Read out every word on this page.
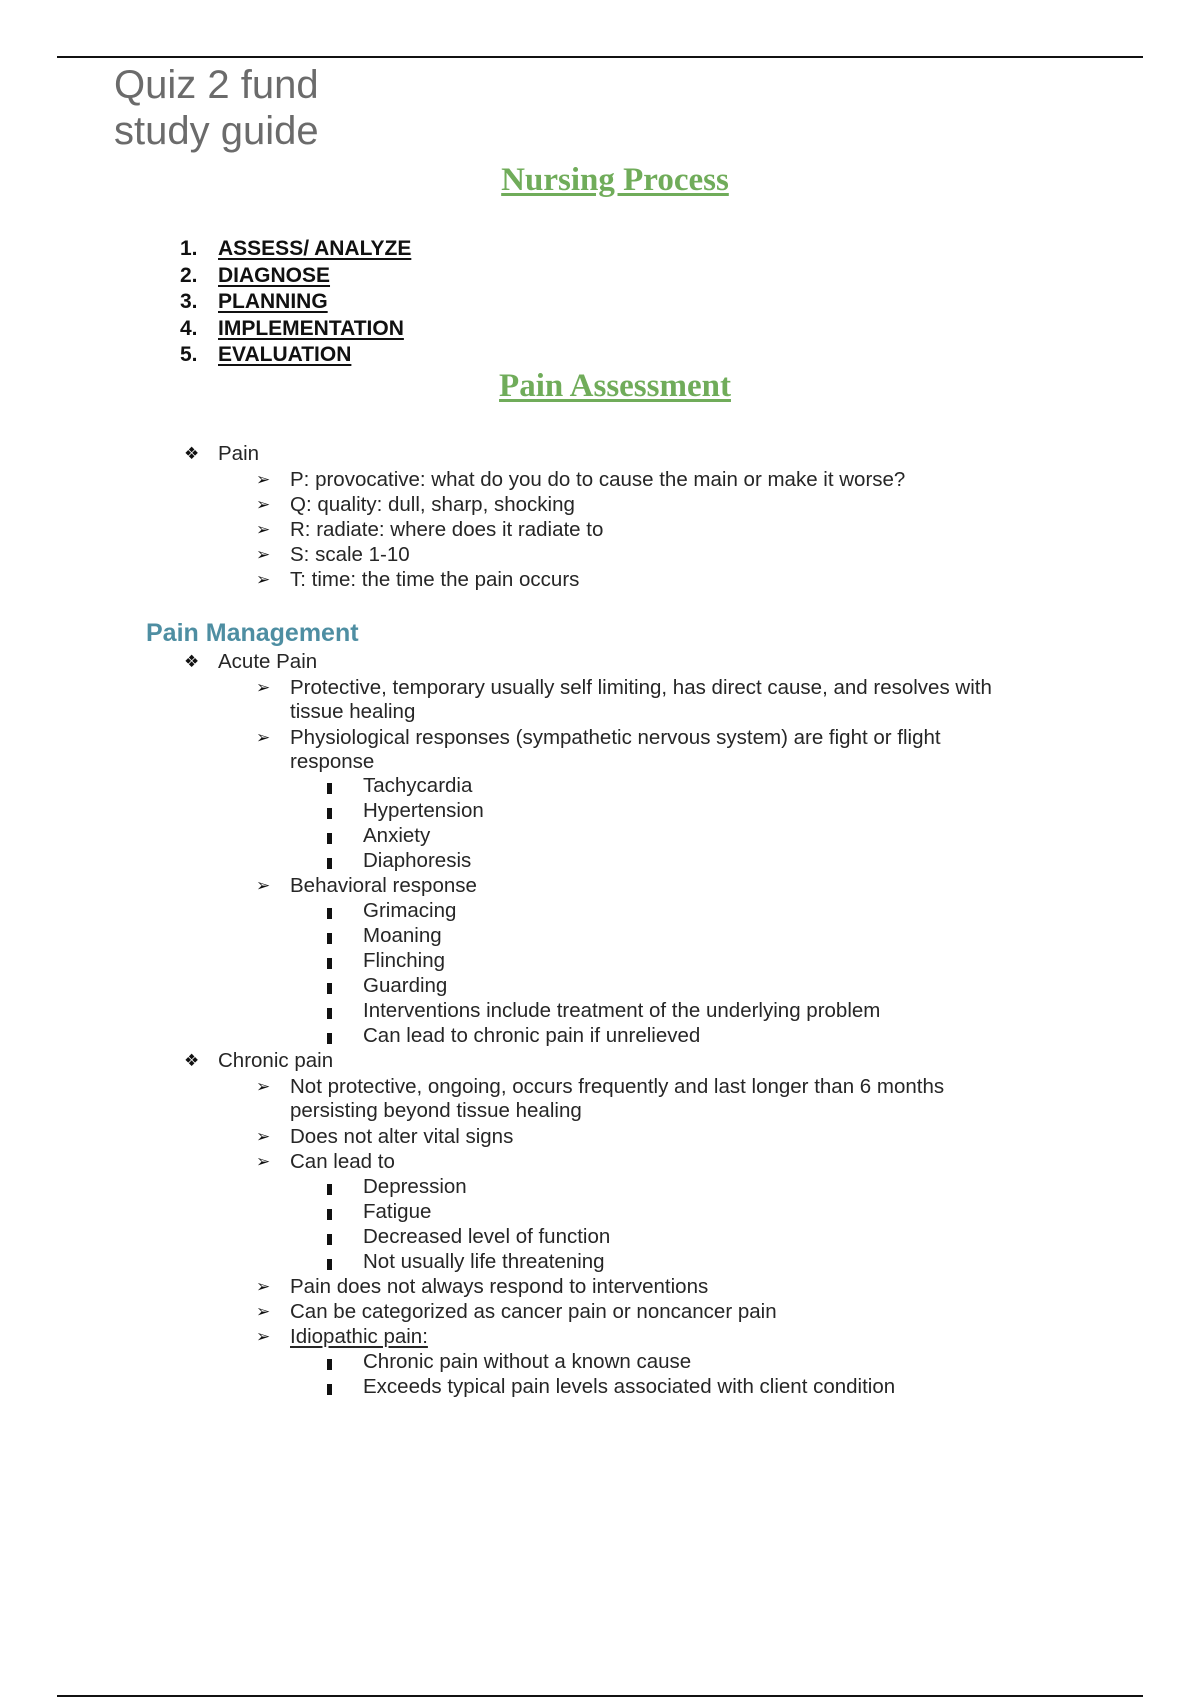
Quiz 2 fund
study guide
Nursing Process
1. ASSESS/ ANALYZE
2. DIAGNOSE
3. PLANNING
4. IMPLEMENTATION
5. EVALUATION
Pain Assessment
❖ Pain
➢ P: provocative: what do you do to cause the main or make it worse?
➢ Q: quality: dull, sharp, shocking
➢ R: radiate: where does it radiate to
➢ S: scale 1-10
➢ T: time: the time the pain occurs
Pain Management
❖ Acute Pain
➢ Protective, temporary usually self limiting, has direct cause, and resolves with
tissue healing
➢ Physiological responses (sympathetic nervous system) are fight or flight
response
Tachycardia
Hypertension
Anxiety
Diaphoresis
➢ Behavioral response
Grimacing
Moaning
Flinching
Guarding
Interventions include treatment of the underlying problem
Can lead to chronic pain if unrelieved
❖ Chronic pain
➢ Not protective, ongoing, occurs frequently and last longer than 6 months
persisting beyond tissue healing
➢ Does not alter vital signs
➢ Can lead to
Depression
Fatigue
Decreased level of function
Not usually life threatening
➢ Pain does not always respond to interventions
➢ Can be categorized as cancer pain or noncancer pain
➢ Idiopathic pain:
Chronic pain without a known cause
Exceeds typical pain levels associated with client condition
